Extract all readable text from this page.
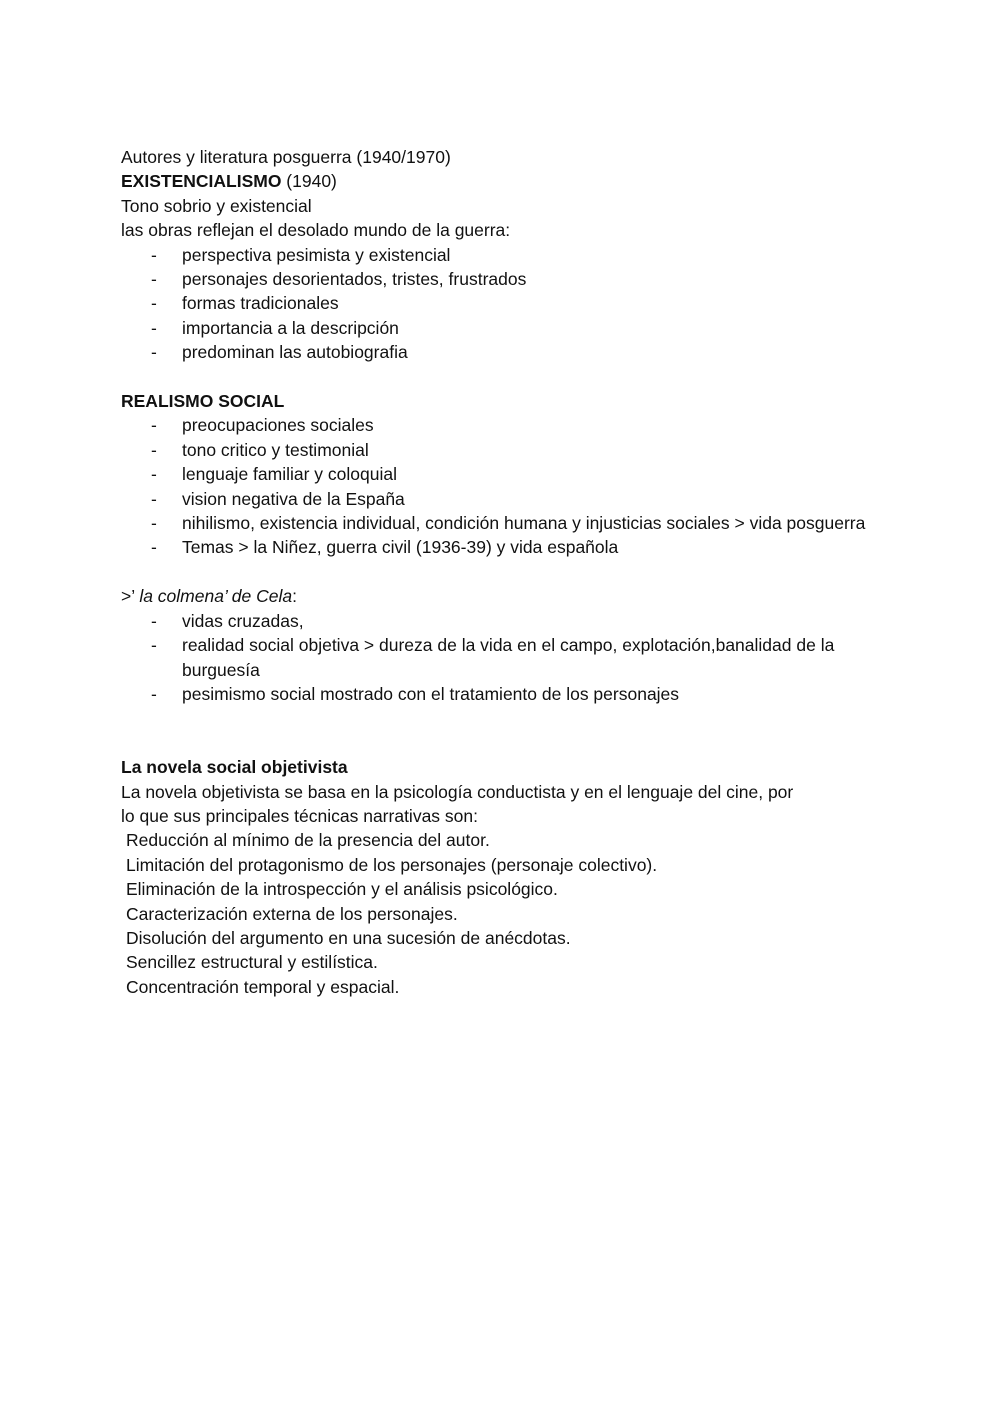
Autores y literatura posguerra (1940/1970)
EXISTENCIALISMO (1940)
Tono sobrio y existencial
las obras reflejan el desolado mundo de la guerra:
- perspectiva pesimista y existencial
- personajes desorientados, tristes, frustrados
- formas tradicionales
- importancia a la descripción
- predominan las autobiografia
REALISMO SOCIAL
- preocupaciones sociales
- tono critico y testimonial
- lenguaje familiar y coloquial
- vision negativa de la España
- nihilismo, existencia individual, condición humana y injusticias sociales > vida posguerra
- Temas > la Niñez, guerra civil (1936-39) y vida española
>’ la colmena’ de Cela:
- vidas cruzadas,
- realidad social objetiva > dureza de la vida en el campo, explotación,banalidad de la burguesía
- pesimismo social mostrado con el tratamiento de los personajes
La novela social objetivista
La novela objetivista se basa en la psicología conductista y en el lenguaje del cine, por
lo que sus principales técnicas narrativas son:
Reducción al mínimo de la presencia del autor.
Limitación del protagonismo de los personajes (personaje colectivo).
Eliminación de la introspección y el análisis psicológico.
Caracterización externa de los personajes.
Disolución del argumento en una sucesión de anécdotas.
Sencillez estructural y estilística.
Concentración temporal y espacial.
